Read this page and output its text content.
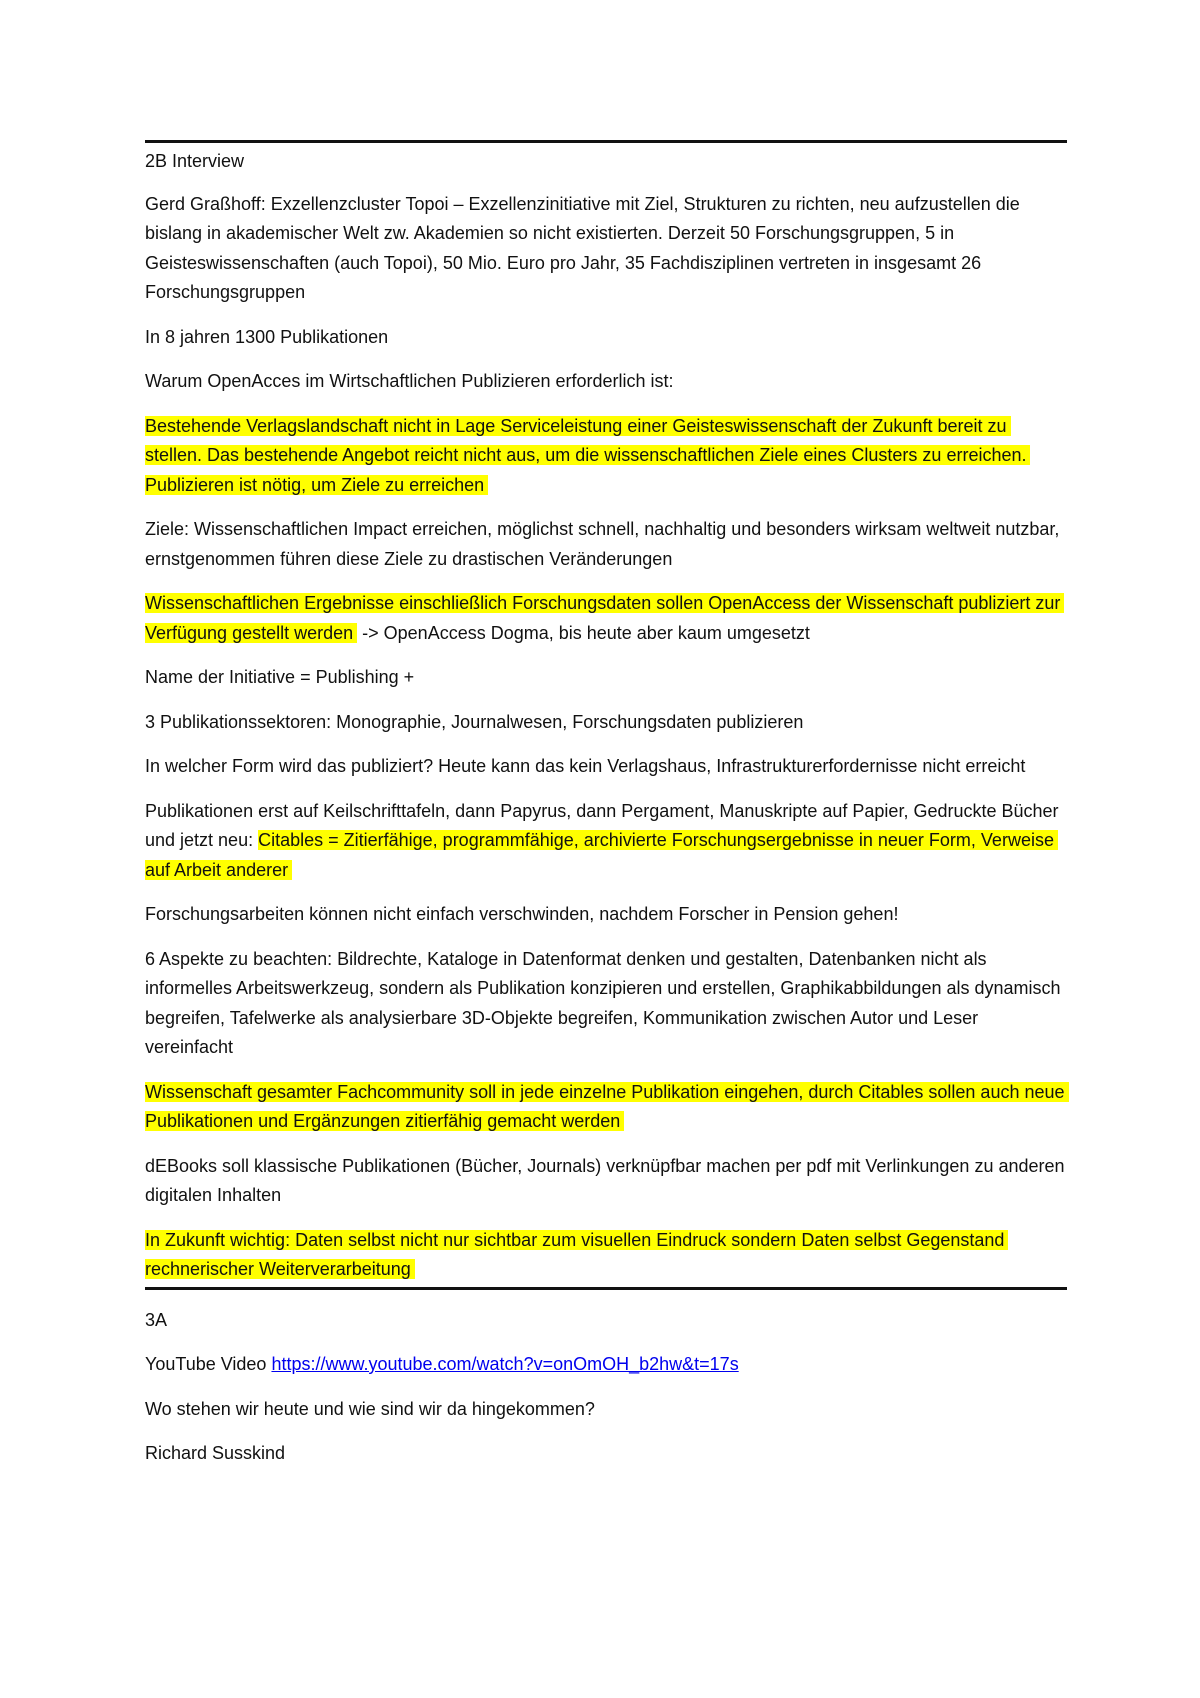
2B Interview

Gerd Graßhoff: Exzellenzcluster Topoi – Exzellenzinitiative mit Ziel, Strukturen zu richten, neu aufzustellen die bislang in akademischer Welt zw. Akademien so nicht existierten. Derzeit 50 Forschungsgruppen, 5 in Geisteswissenschaften (auch Topoi), 50 Mio. Euro pro Jahr, 35 Fachdisziplinen vertreten in insgesamt 26 Forschungsgruppen

In 8 jahren 1300 Publikationen

Warum OpenAcces im Wirtschaftlichen Publizieren erforderlich ist:

Bestehende Verlagslandschaft nicht in Lage Serviceleistung einer Geisteswissenschaft der Zukunft bereit zu stellen. Das bestehende Angebot reicht nicht aus, um die wissenschaftlichen Ziele eines Clusters zu erreichen. Publizieren ist nötig, um Ziele zu erreichen

Ziele: Wissenschaftlichen Impact erreichen, möglichst schnell, nachhaltig und besonders wirksam weltweit nutzbar, ernstgenommen führen diese Ziele zu drastischen Veränderungen

Wissenschaftlichen Ergebnisse einschließlich Forschungsdaten sollen OpenAccess der Wissenschaft publiziert zur Verfügung gestellt werden -> OpenAccess Dogma, bis heute aber kaum umgesetzt

Name der Initiative = Publishing +

3 Publikationssektoren: Monographie, Journalwesen, Forschungsdaten publizieren

In welcher Form wird das publiziert? Heute kann das kein Verlagshaus, Infrastrukturerfordernisse nicht erreicht

Publikationen erst auf Keilschrifttafeln, dann Papyrus, dann Pergament, Manuskripte auf Papier, Gedruckte Bücher und jetzt neu: Citables = Zitierfähige, programmfähige, archivierte Forschungsergebnisse in neuer Form, Verweise auf Arbeit anderer

Forschungsarbeiten können nicht einfach verschwinden, nachdem Forscher in Pension gehen!

6 Aspekte zu beachten: Bildrechte, Kataloge in Datenformat denken und gestalten, Datenbanken nicht als informelles Arbeitswerkzeug, sondern als Publikation konzipieren und erstellen, Graphikabbildungen als dynamisch begreifen, Tafelwerke als analysierbare 3D-Objekte begreifen, Kommunikation zwischen Autor und Leser vereinfacht

Wissenschaft gesamter Fachcommunity soll in jede einzelne Publikation eingehen, durch Citables sollen auch neue Publikationen und Ergänzungen zitierfähig gemacht werden

dEBooks soll klassische Publikationen (Bücher, Journals) verknüpfbar machen per pdf mit Verlinkungen zu anderen digitalen Inhalten

In Zukunft wichtig: Daten selbst nicht nur sichtbar zum visuellen Eindruck sondern Daten selbst Gegenstand rechnerischer Weiterverarbeitung

3A

YouTube Video https://www.youtube.com/watch?v=onOmOH_b2hw&t=17s

Wo stehen wir heute und wie sind wir da hingekommen?

Richard Susskind
